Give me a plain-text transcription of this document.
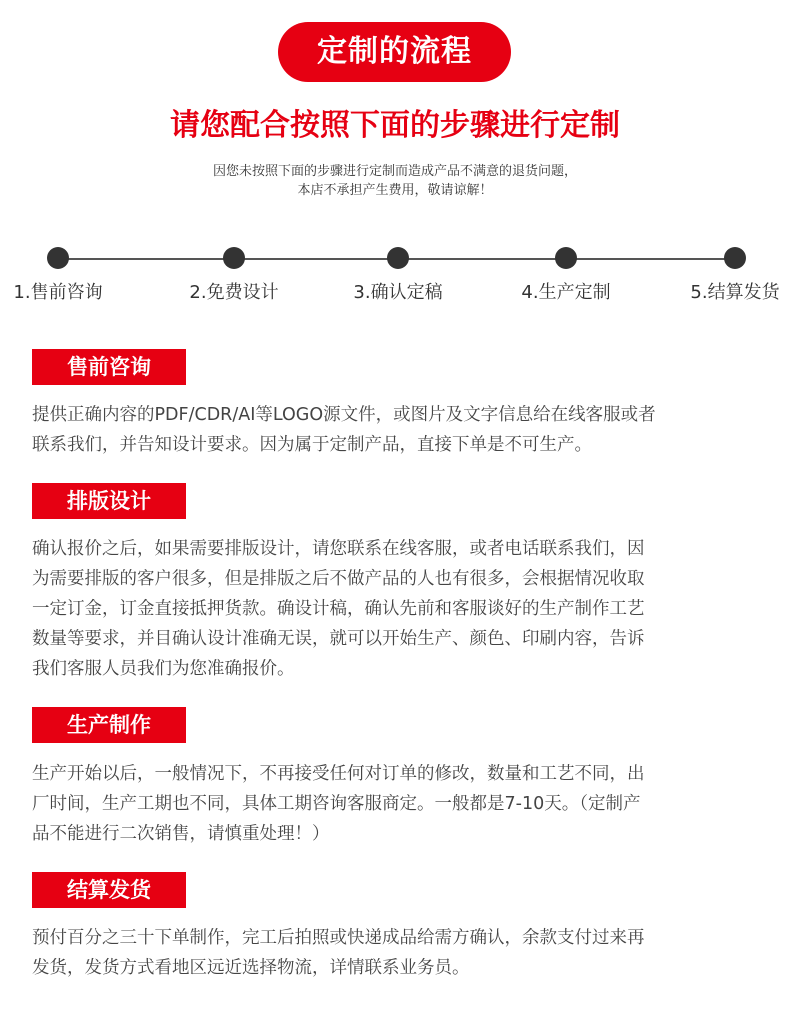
定制的流程
请您配合按照下面的步骤进行定制
因您未按照下面的步骤进行定制而造成产品不满意的退货问题，
本店不承担产生费用，敬请谅解！
1.售前咨询	2.免费设计	3.确认定稿	4.生产定制	5.结算发货
售前咨询
提供正确内容的PDF/CDR/AI等LOGO源文件，或图片及文字信息给在线客服或者
联系我们，并告知设计要求。因为属于定制产品，直接下单是不可生产。
排版设计
确认报价之后，如果需要排版设计，请您联系在线客服，或者电话联系我们，因
为需要排版的客户很多，但是排版之后不做产品的人也有很多，会根据情况收取
一定订金，订金直接抵押货款。确设计稿，确认先前和客服谈好的生产制作工艺
数量等要求，并目确认设计准确无误，就可以开始生产、颜色、印刷内容，告诉
我们客服人员我们为您准确报价。
生产制作
生产开始以后，一般情况下，不再接受任何对订单的修改，数量和工艺不同，出
厂时间，生产工期也不同，具体工期咨询客服商定。一般都是7-10天。（定制产
品不能进行二次销售，请慎重处理！）
结算发货
预付百分之三十下单制作，完工后拍照或快递成品给需方确认，余款支付过来再
发货，发货方式看地区远近选择物流，详情联系业务员。
